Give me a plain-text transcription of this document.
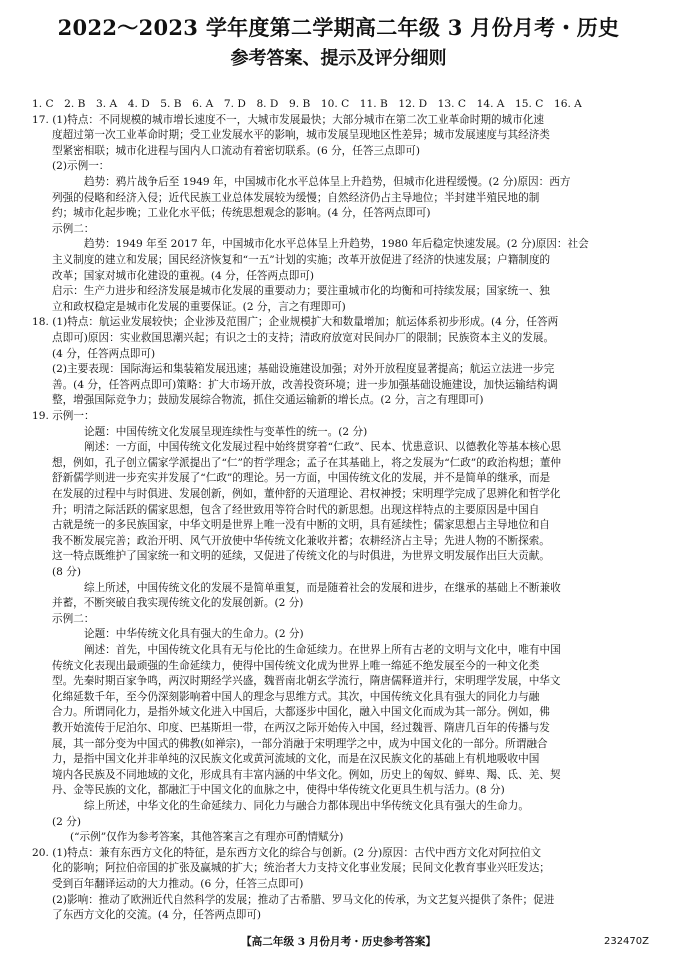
2022～2023 学年度第二学期高二年级 3 月份月考・历史
参考答案、提示及评分细则
1. C　2. B　3. A　4. D　5. B　6. A　7. D　8. D　9. B　10. C　11. B　12. D　13. C　14. A　15. C　16. A
17. (1)特点：不同规模的城市增长速度不一，大城市发展最快；大部分城市在第二次工业革命时期的城市化速
度超过第一次工业革命时期；受工业发展水平的影响，城市发展呈现地区性差异；城市发展速度与其经济类
型紧密相联；城市化进程与国内人口流动有着密切联系。(6 分，任答三点即可)
(2)示例一：
趋势：鸦片战争后至 1949 年，中国城市化水平总体呈上升趋势，但城市化进程缓慢。(2 分)原因：西方
列强的侵略和经济入侵；近代民族工业总体发展较为缓慢；自然经济仍占主导地位；半封建半殖民地的制
约；城市化起步晚；工业化水平低；传统思想观念的影响。(4 分，任答两点即可)
示例二：
趋势：1949 年至 2017 年，中国城市化水平总体呈上升趋势，1980 年后稳定快速发展。(2 分)原因：社会
主义制度的建立和发展；国民经济恢复和“一五”计划的实施；改革开放促进了经济的快速发展；户籍制度的
改革；国家对城市化建设的重视。(4 分，任答两点即可)
启示：生产力进步和经济发展是城市化发展的重要动力；要注重城市化的均衡和可持续发展；国家统一、独
立和政权稳定是城市化发展的重要保证。(2 分，言之有理即可)
18. (1)特点：航运业发展较快；企业涉及范围广；企业规模扩大和数量增加；航运体系初步形成。(4 分，任答两
点即可)原因：实业救国思潮兴起；有识之士的支持；清政府放宽对民间办厂的限制；民族资本主义的发展。
(4 分，任答两点即可)
(2)主要表现：国际海运和集装箱发展迅速；基础设施建设加强；对外开放程度显著提高；航运立法进一步完
善。(4 分，任答两点即可)策略：扩大市场开放，改善投资环境；进一步加强基础设施建设，加快运输结构调
整，增强国际竞争力；鼓励发展综合物流，抓住交通运输新的增长点。(2 分，言之有理即可)
19. 示例一：
论题：中国传统文化发展呈现连续性与变革性的统一。(2 分)
阐述：一方面，中国传统文化发展过程中始终贯穿着“仁政”、民本、忧患意识、以德教化等基本核心思
想，例如，孔子创立儒家学派提出了“仁”的哲学理念；孟子在其基础上，将之发展为“仁政”的政治构想；董仲
舒新儒学则进一步充实并发展了“仁政”的理论。另一方面，中国传统文化的发展，并不是简单的继承，而是
在发展的过程中与时俱进、发展创新，例如，董仲舒的天道理论、君权神授；宋明理学完成了思辨化和哲学化
升；明清之际活跃的儒家思想，包含了经世致用等符合时代的新思想。出现这样特点的主要原因是中国自
古就是统一的多民族国家，中华文明是世界上唯一没有中断的文明，具有延续性；儒家思想占主导地位和自
我不断发展完善；政治开明、风气开放使中华传统文化兼收并蓄；农耕经济占主导；先进人物的不断探索。
这一特点既维护了国家统一和文明的延续，又促进了传统文化的与时俱进，为世界文明发展作出巨大贡献。
(8 分)
综上所述，中国传统文化的发展不是简单重复，而是随着社会的发展和进步，在继承的基础上不断兼收
并蓄，不断突破自我实现传统文化的发展创新。(2 分)
示例二：
论题：中华传统文化具有强大的生命力。(2 分)
阐述：首先，中国传统文化具有无与伦比的生命延续力。在世界上所有古老的文明与文化中，唯有中国
传统文化表现出最顽强的生命延续力，使得中国传统文化成为世界上唯一绵延不绝发展至今的一种文化类
型。先秦时期百家争鸣，两汉时期经学兴盛，魏晋南北朝玄学流行，隋唐儒释道并行，宋明理学发展，中华文
化绵延数千年，至今仍深刻影响着中国人的理念与思维方式。其次，中国传统文化具有强大的同化力与融
合力。所谓同化力，是指外域文化进入中国后，大都逐步中国化，融入中国文化而成为其一部分。例如，佛
教开始流传于尼泊尔、印度、巴基斯坦一带，在两汉之际开始传入中国，经过魏晋、隋唐几百年的传播与发
展，其一部分变为中国式的佛教(如禅宗)，一部分消融于宋明理学之中，成为中国文化的一部分。所谓融合
力，是指中国文化并非单纯的汉民族文化或黄河流域的文化，而是在汉民族文化的基础上有机地吸收中国
境内各民族及不同地域的文化，形成具有丰富内涵的中华文化。例如，历史上的匈奴、鲜卑、羯、氐、羌、契
丹、金等民族的文化，都融汇于中国文化的血脉之中，使得中华传统文化更具生机与活力。(8 分)
综上所述，中华文化的生命延续力、同化力与融合力都体现出中华传统文化具有强大的生命力。
(2 分)
(“示例”仅作为参考答案，其他答案言之有理亦可酌情赋分)
20. (1)特点：兼有东西方文化的特征，是东西方文化的综合与创新。(2 分)原因：古代中西方文化对阿拉伯文
化的影响；阿拉伯帝国的扩张及赢城的扩大；统治者大力支持文化事业发展；民间文化教育事业兴旺发达；
受到百年翻译运动的大力推动。(6 分，任答三点即可)
(2)影响：推动了欧洲近代自然科学的发展；推动了古希腊、罗马文化的传承，为文艺复兴提供了条件；促进
了东西方文化的交流。(4 分，任答两点即可)
【高二年级 3 月份月考・历史参考答案】	232470Z
